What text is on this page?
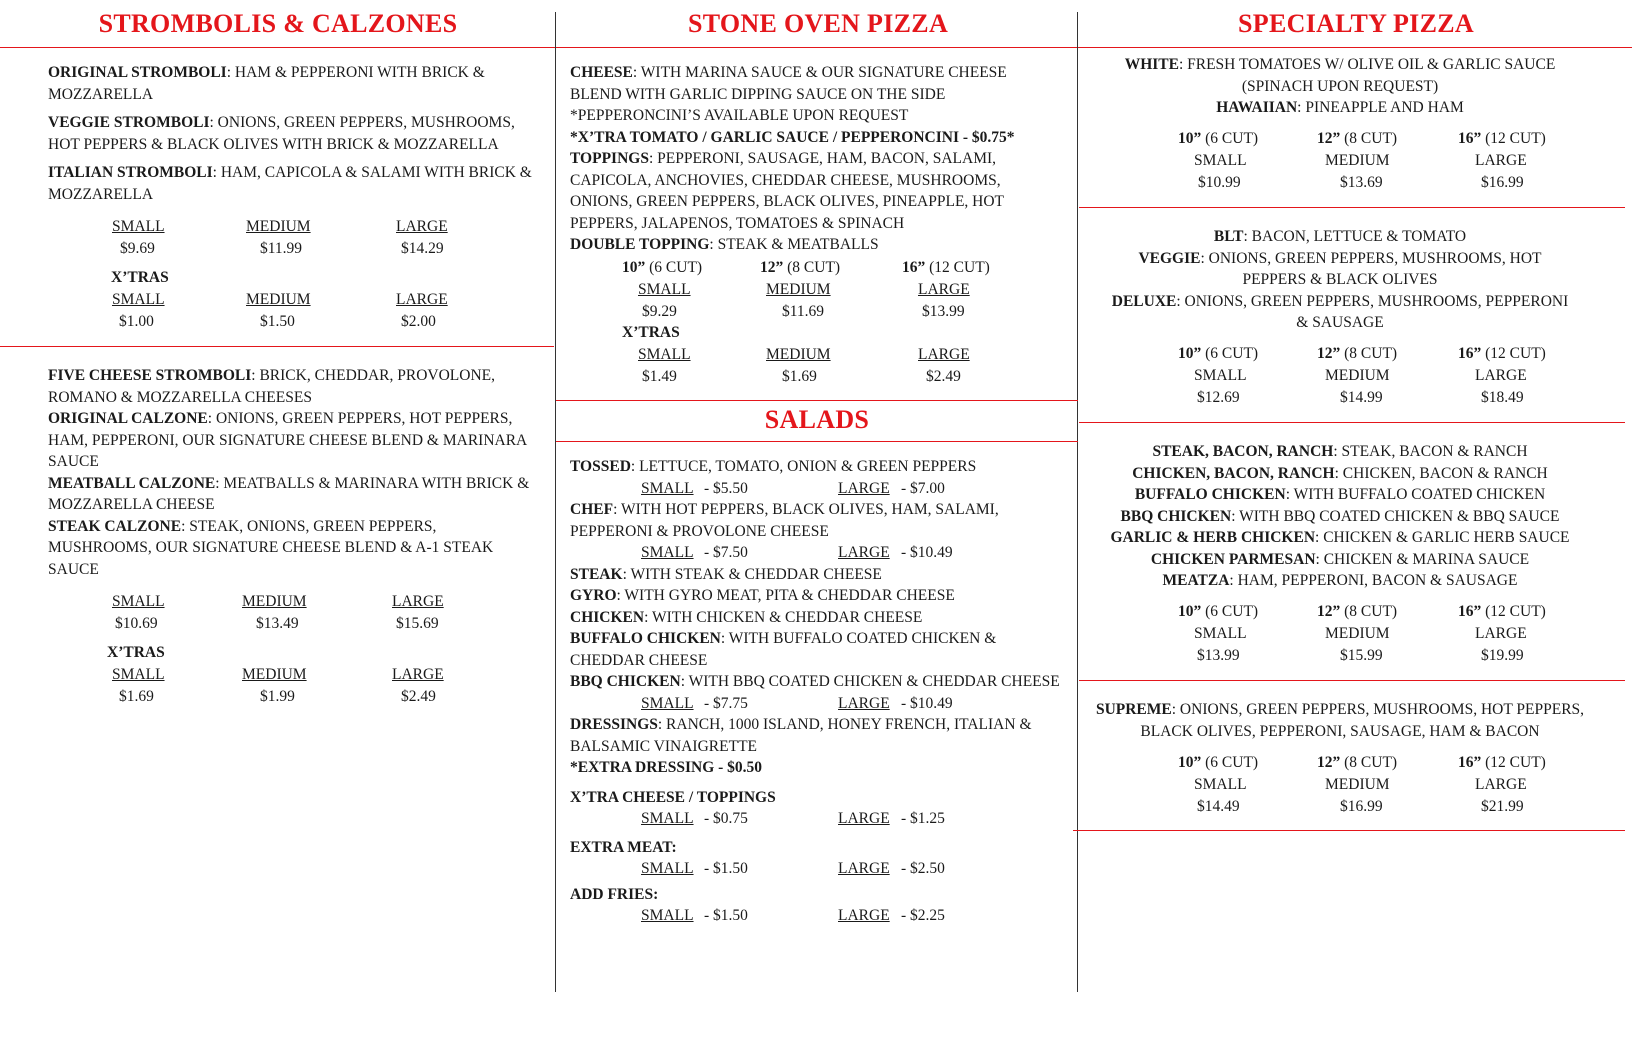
STROMBOLIS & CALZONES	STONE OVEN PIZZA	SPECIALTY PIZZA

ORIGINAL STROMBOLI: HAM & PEPPERONI WITH BRICK & MOZZARELLA

VEGGIE STROMBOLI: ONIONS, GREEN PEPPERS, MUSHROOMS, HOT PEPPERS & BLACK OLIVES WITH BRICK & MOZZARELLA

ITALIAN STROMBOLI: HAM, CAPICOLA & SALAMI WITH BRICK & MOZZARELLA

SMALL	MEDIUM	LARGE
$9.69	$11.99	$14.29
X’TRAS
SMALL	MEDIUM	LARGE
$1.00	$1.50	$2.00

FIVE CHEESE STROMBOLI: BRICK, CHEDDAR, PROVOLONE, ROMANO & MOZZARELLA CHEESES

ORIGINAL CALZONE: ONIONS, GREEN PEPPERS, HOT PEPPERS, HAM, PEPPERONI, OUR SIGNATURE CHEESE BLEND & MARINARA SAUCE

MEATBALL CALZONE: MEATBALLS & MARINARA WITH BRICK & MOZZARELLA CHEESE

STEAK CALZONE: STEAK, ONIONS, GREEN PEPPERS, MUSHROOMS, OUR SIGNATURE CHEESE BLEND & A-1 STEAK SAUCE

SMALL	MEDIUM	LARGE
$10.69	$13.49	$15.69
X’TRAS
SMALL	MEDIUM	LARGE
$1.69	$1.99	$2.49

CHEESE: WITH MARINA SAUCE & OUR SIGNATURE CHEESE BLEND WITH GARLIC DIPPING SAUCE ON THE SIDE

*PEPPERONCINI’S AVAILABLE UPON REQUEST

*X’TRA TOMATO / GARLIC SAUCE / PEPPERONCINI - $0.75*

TOPPINGS: PEPPERONI, SAUSAGE, HAM, BACON, SALAMI, CAPICOLA, ANCHOVIES, CHEDDAR CHEESE, MUSHROOMS, ONIONS, GREEN PEPPERS, BLACK OLIVES, PINEAPPLE, HOT PEPPERS, JALAPENOS, TOMATOES & SPINACH

DOUBLE TOPPING: STEAK & MEATBALLS

10” (6 CUT)	12” (8 CUT)	16” (12 CUT)
SMALL	MEDIUM	LARGE
$9.29	$11.69	$13.99
X’TRAS
SMALL	MEDIUM	LARGE
$1.49	$1.69	$2.49
SALADS

TOSSED: LETTUCE, TOMATO, ONION & GREEN PEPPERS

SMALL - $5.50	LARGE - $7.00

CHEF: WITH HOT PEPPERS, BLACK OLIVES, HAM, SALAMI, PEPPERONI & PROVOLONE CHEESE

SMALL - $7.50	LARGE - $10.49

STEAK: WITH STEAK & CHEDDAR CHEESE

GYRO: WITH GYRO MEAT, PITA & CHEDDAR CHEESE

CHICKEN: WITH CHICKEN & CHEDDAR CHEESE

BUFFALO CHICKEN: WITH BUFFALO COATED CHICKEN & CHEDDAR CHEESE

BBQ CHICKEN: WITH BBQ COATED CHICKEN & CHEDDAR CHEESE

SMALL - $7.75	LARGE - $10.49

DRESSINGS: RANCH, 1000 ISLAND, HONEY FRENCH, ITALIAN & BALSAMIC VINAIGRETTE

*EXTRA DRESSING - $0.50

X’TRA CHEESE / TOPPINGS

SMALL - $0.75	LARGE - $1.25

EXTRA MEAT:

SMALL - $1.50	LARGE - $2.50

ADD FRIES:

SMALL - $1.50	LARGE - $2.25

WHITE: FRESH TOMATOES W/ OLIVE OIL & GARLIC SAUCE (SPINACH UPON REQUEST)

HAWAIIAN: PINEAPPLE AND HAM

10” (6 CUT)	12” (8 CUT)	16” (12 CUT)
SMALL	MEDIUM	LARGE
$10.99	$13.69	$16.99

BLT: BACON, LETTUCE & TOMATO

VEGGIE: ONIONS, GREEN PEPPERS, MUSHROOMS, HOT PEPPERS & BLACK OLIVES

DELUXE: ONIONS, GREEN PEPPERS, MUSHROOMS, PEPPERONI & SAUSAGE

10” (6 CUT)	12” (8 CUT)	16” (12 CUT)
SMALL	MEDIUM	LARGE
$12.69	$14.99	$18.49

STEAK, BACON, RANCH: STEAK, BACON & RANCH

CHICKEN, BACON, RANCH: CHICKEN, BACON & RANCH

BUFFALO CHICKEN: WITH BUFFALO COATED CHICKEN

BBQ CHICKEN: WITH BBQ COATED CHICKEN & BBQ SAUCE

GARLIC & HERB CHICKEN: CHICKEN & GARLIC HERB SAUCE

CHICKEN PARMESAN: CHICKEN & MARINA SAUCE

MEATZA: HAM, PEPPERONI, BACON & SAUSAGE

10” (6 CUT)	12” (8 CUT)	16” (12 CUT)
SMALL	MEDIUM	LARGE
$13.99	$15.99	$19.99

SUPREME: ONIONS, GREEN PEPPERS, MUSHROOMS, HOT PEPPERS, BLACK OLIVES, PEPPERONI, SAUSAGE, HAM & BACON

10” (6 CUT)	12” (8 CUT)	16” (12 CUT)
SMALL	MEDIUM	LARGE
$14.49	$16.99	$21.99
